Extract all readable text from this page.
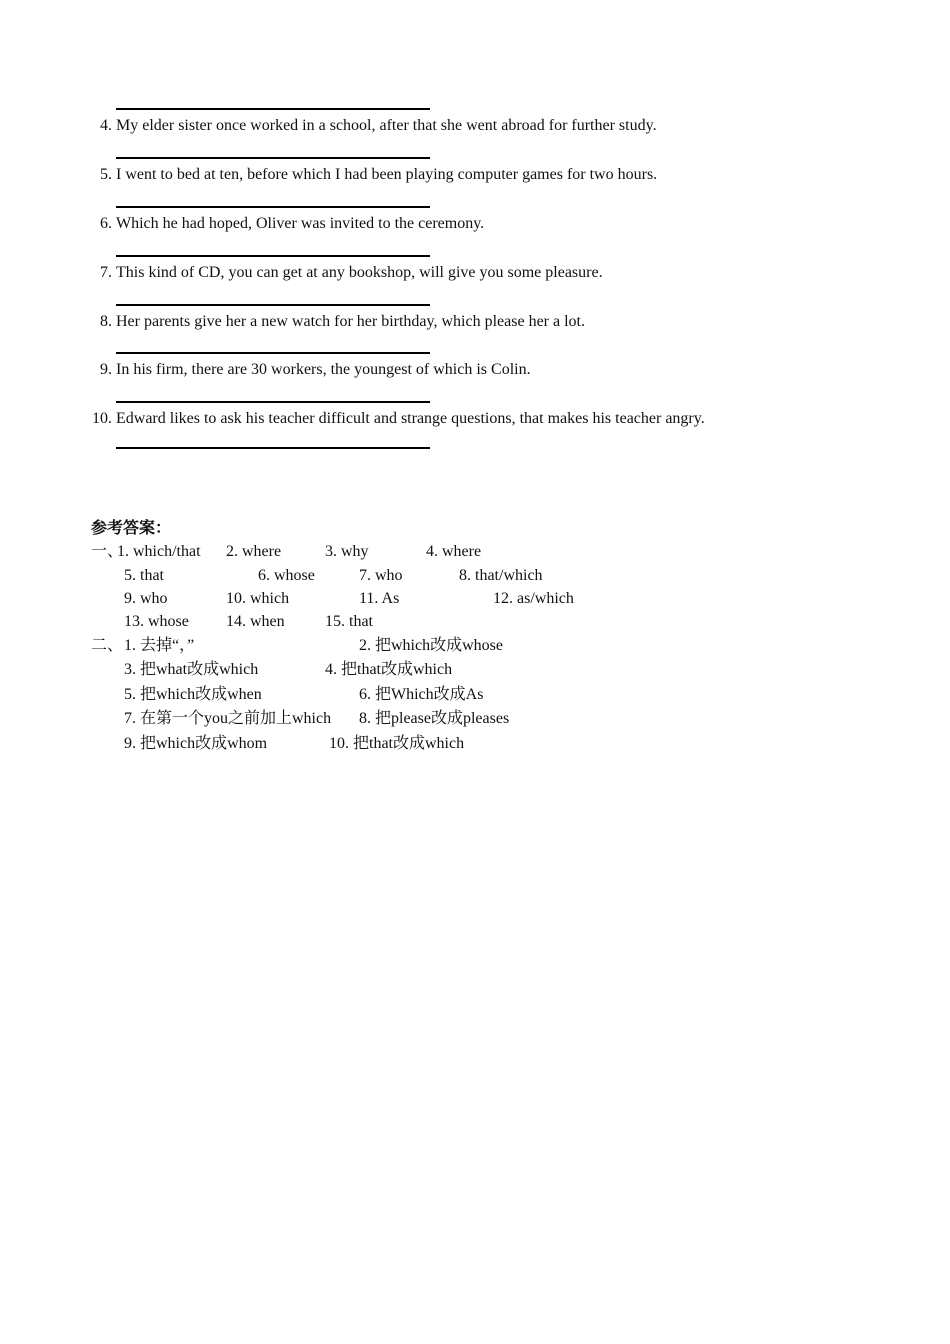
4. My elder sister once worked in a school, after that she went abroad for further study.
5. I went to bed at ten, before which I had been playing computer games for two hours.
6. Which he had hoped, Oliver was invited to the ceremony.
7. This kind of CD, you can get at any bookshop, will give you some pleasure.
8. Her parents give her a new watch for her birthday, which please her a lot.
9. In his firm, there are 30 workers, the youngest of which is Colin.
10. Edward likes to ask his teacher difficult and strange questions, that makes his teacher angry.
参考答案：
一、
1. which/that 2. where	3. why	4. where
5. that	6. whose	7. who	8. that/which
9. who	10. which	11. As	12. as/which
13. whose 14. when	15. that
二、 1. 去掉“，”	2. 把which改成whose
3. 把what改成which	4. 把that改成which
5. 把which改成when	6. 把Which改成As
7. 在第一个you之前加上which 8. 把please改成pleases
9. 把which改成whom	10. 把that改成which
